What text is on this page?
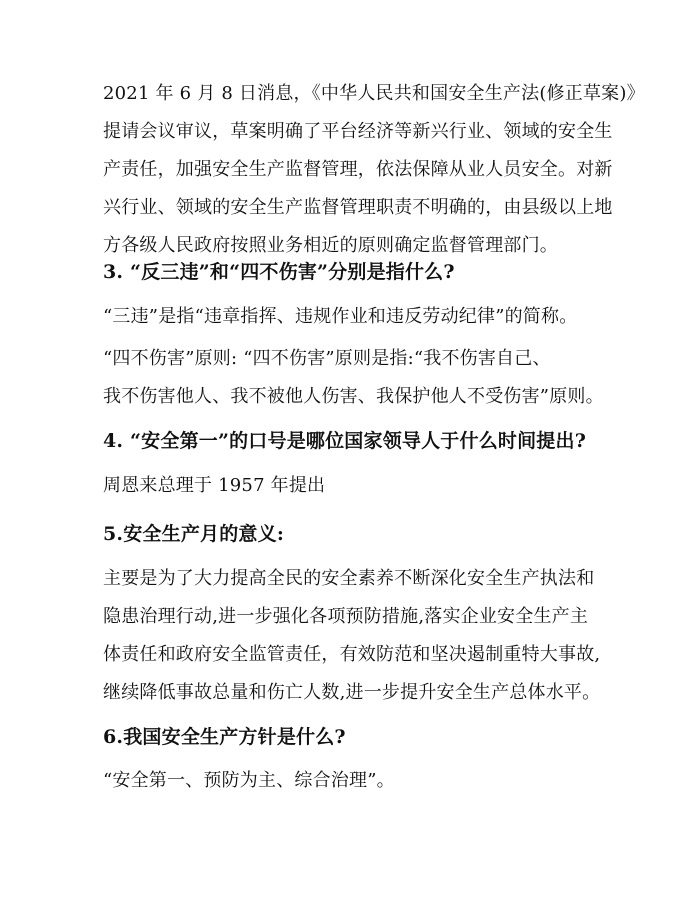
2021 年 6 月 8 日消息，《中华人民共和国安全生产法(修正草案)》
提请会议审议，草案明确了平台经济等新兴行业、领域的安全生
产责任，加强安全生产监督管理，依法保障从业人员安全。对新
兴行业、领域的安全生产监督管理职责不明确的，由县级以上地
方各级人民政府按照业务相近的原则确定监督管理部门。
3. “反三违”和“四不伤害”分别是指什么?
“三违”是指“违章指挥、违规作业和违反劳动纪律”的简称。
“四不伤害”原则: “四不伤害”原则是指:“我不伤害自己、
我不伤害他人、我不被他人伤害、我保护他人不受伤害”原则。
4. “安全第一”的口号是哪位国家领导人于什么时间提出?
周恩来总理于 1957 年提出
5.安全生产月的意义:
主要是为了大力提高全民的安全素养不断深化安全生产执法和
隐患治理行动,进一步强化各项预防措施,落实企业安全生产主
体责任和政府安全监管责任，有效防范和坚决遏制重特大事故,
继续降低事故总量和伤亡人数,进一步提升安全生产总体水平。
6.我国安全生产方针是什么?
“安全第一、预防为主、综合治理”。
